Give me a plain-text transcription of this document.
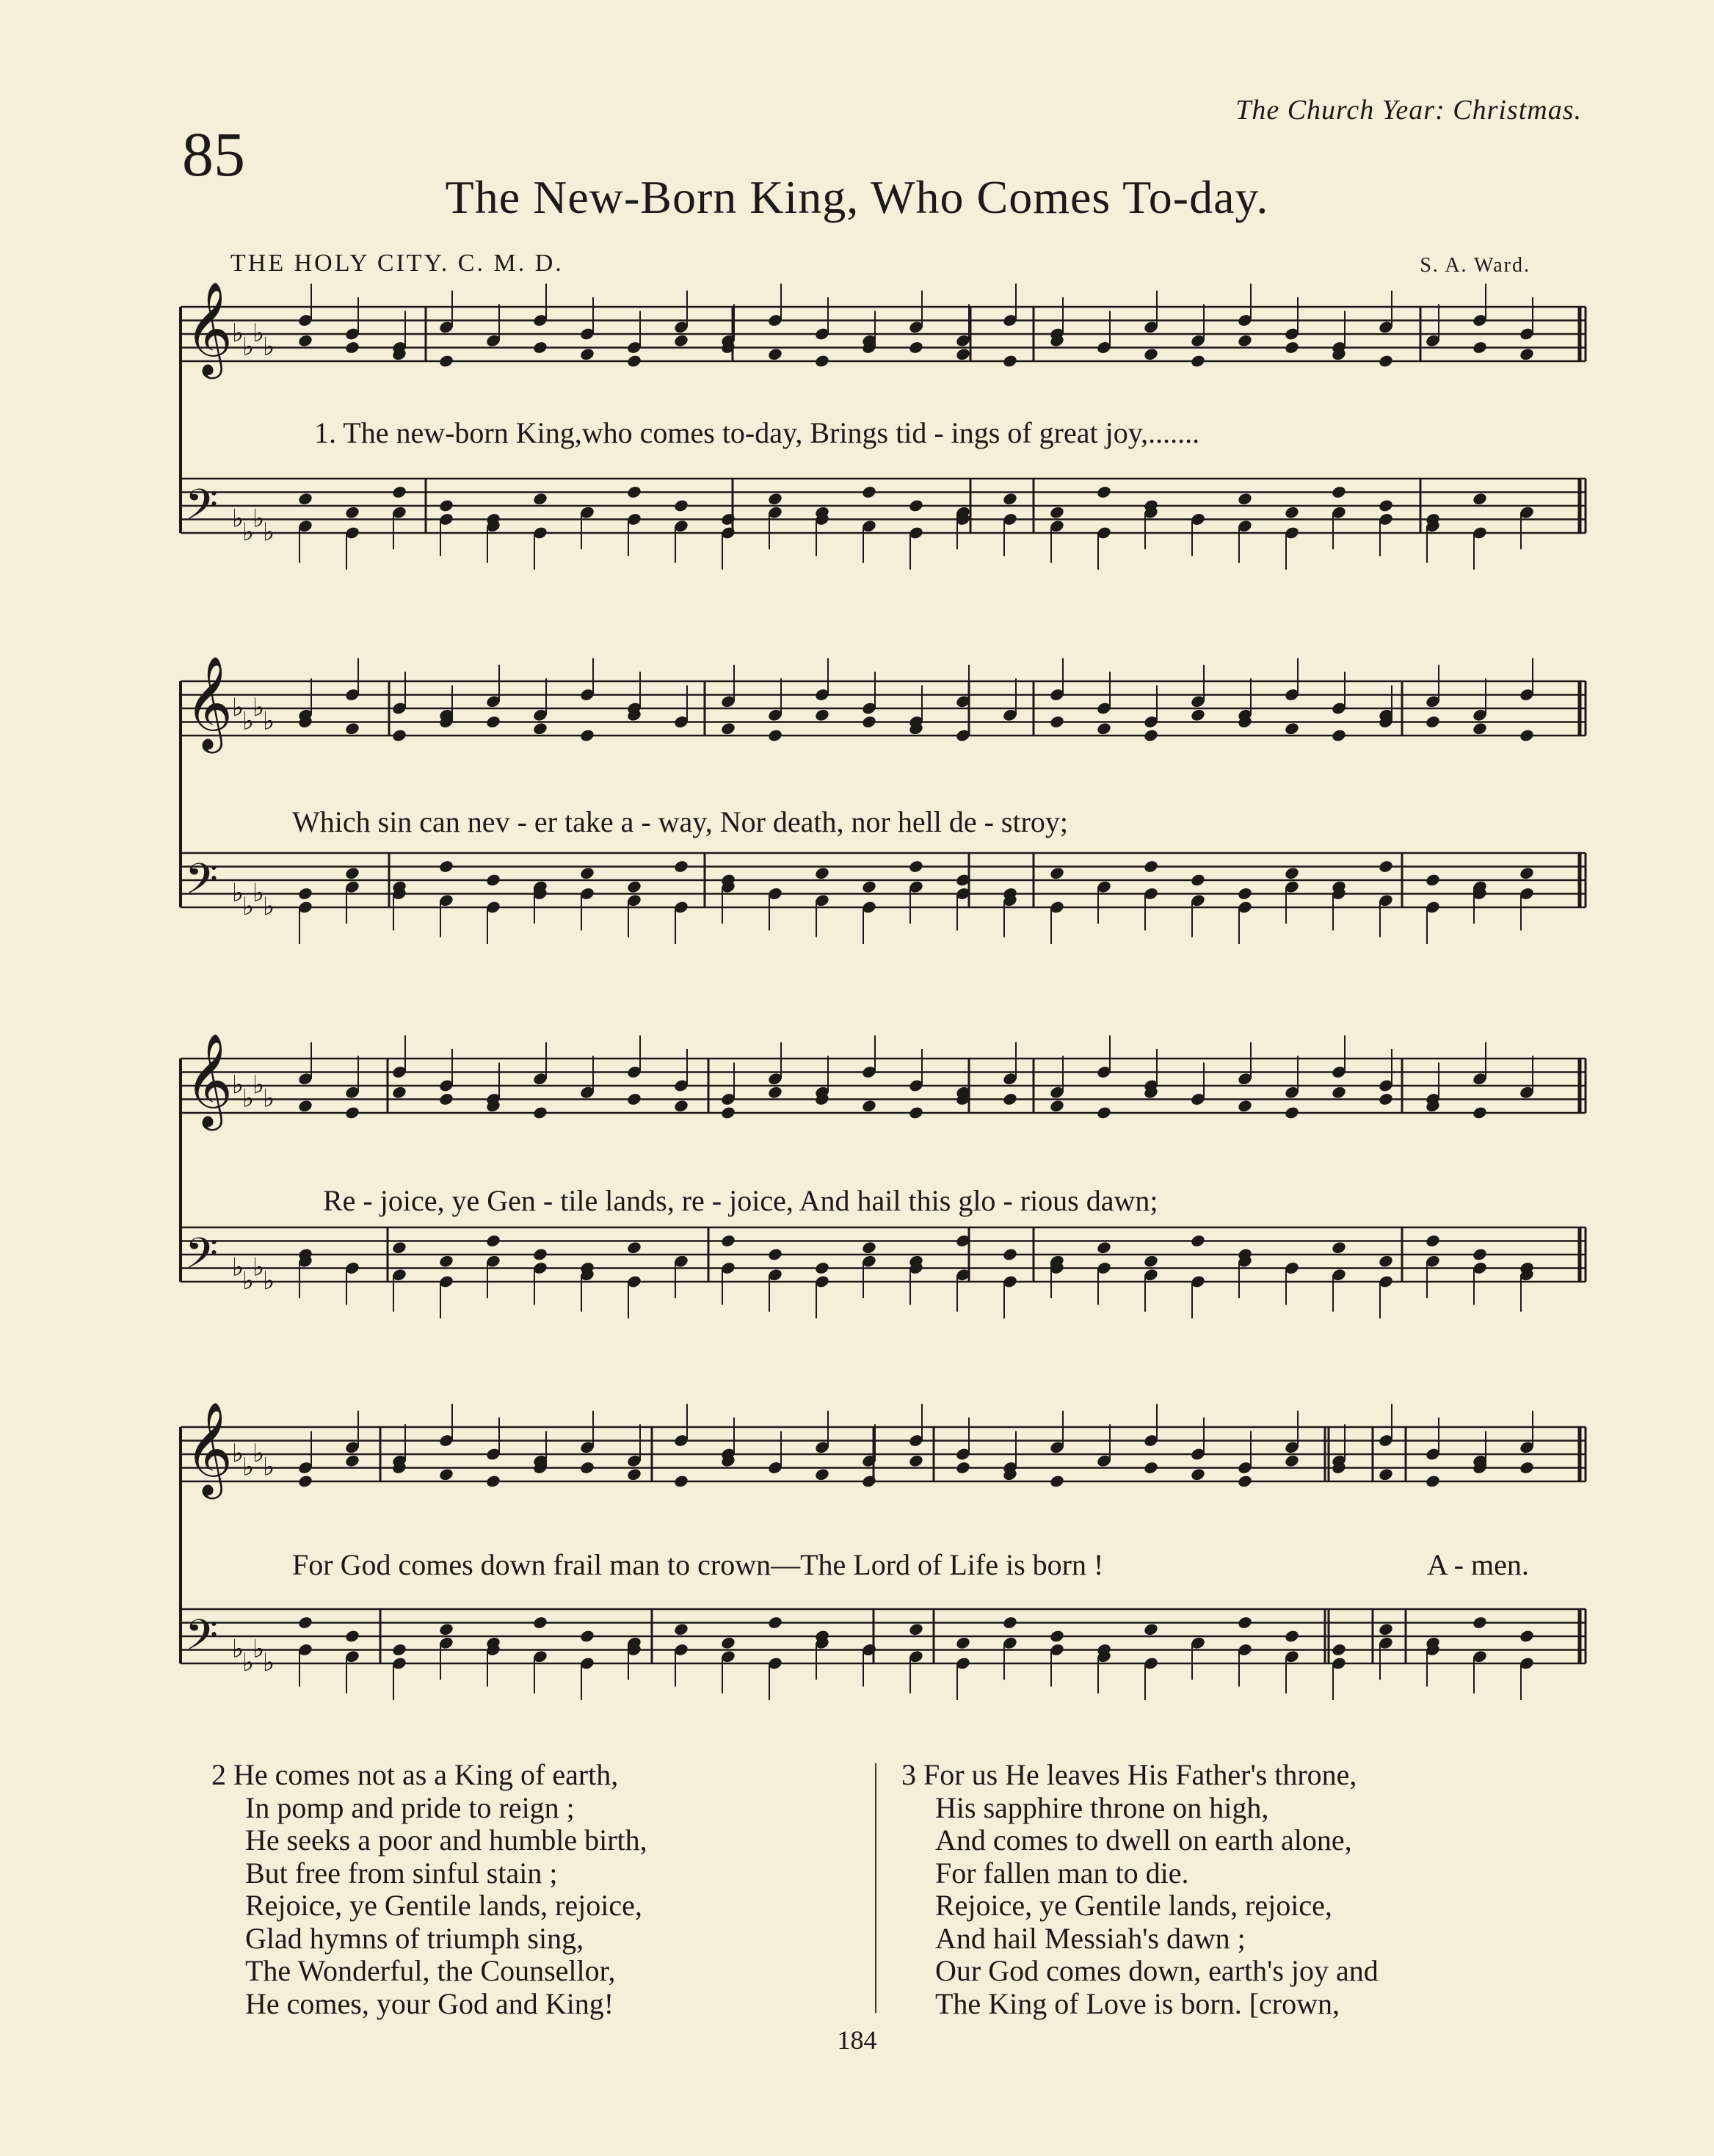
The Church Year: Christmas.
85
The New-Born King, Who Comes To-day.
THE HOLY CITY. C. M. D.	S. A. Ward.
𝄞
♭
♭
♭
♭
𝄢 ♭
♭
♭
♭
𝄞
♭
♭
♭
♭
𝄢 ♭
♭
♭
♭
𝄞
♭
♭
♭
♭
𝄢 ♭
♭
♭
♭
𝄞
♭
♭
♭
♭
𝄢 ♭
♭
♭
♭
1. The new-born King,who comes to-day, Brings tid - ings of great joy,.......
Which sin can nev - er take a - way, Nor death, nor hell de - stroy;
Re - joice, ye Gen - tile lands, re - joice, And hail this glo - rious dawn;
For God comes down frail man to crown—The Lord of Life is born !	A - men.
2 He comes not as a King of earth,
In pomp and pride to reign ;
He seeks a poor and humble birth,
But free from sinful stain ;
Rejoice, ye Gentile lands, rejoice,
Glad hymns of triumph sing,
The Wonderful, the Counsellor,
He comes, your God and King!
3 For us He leaves His Father's throne,
His sapphire throne on high,
And comes to dwell on earth alone,
For fallen man to die.
Rejoice, ye Gentile lands, rejoice,
And hail Messiah's dawn ;
Our God comes down, earth's joy and
The King of Love is born. [crown,
184
